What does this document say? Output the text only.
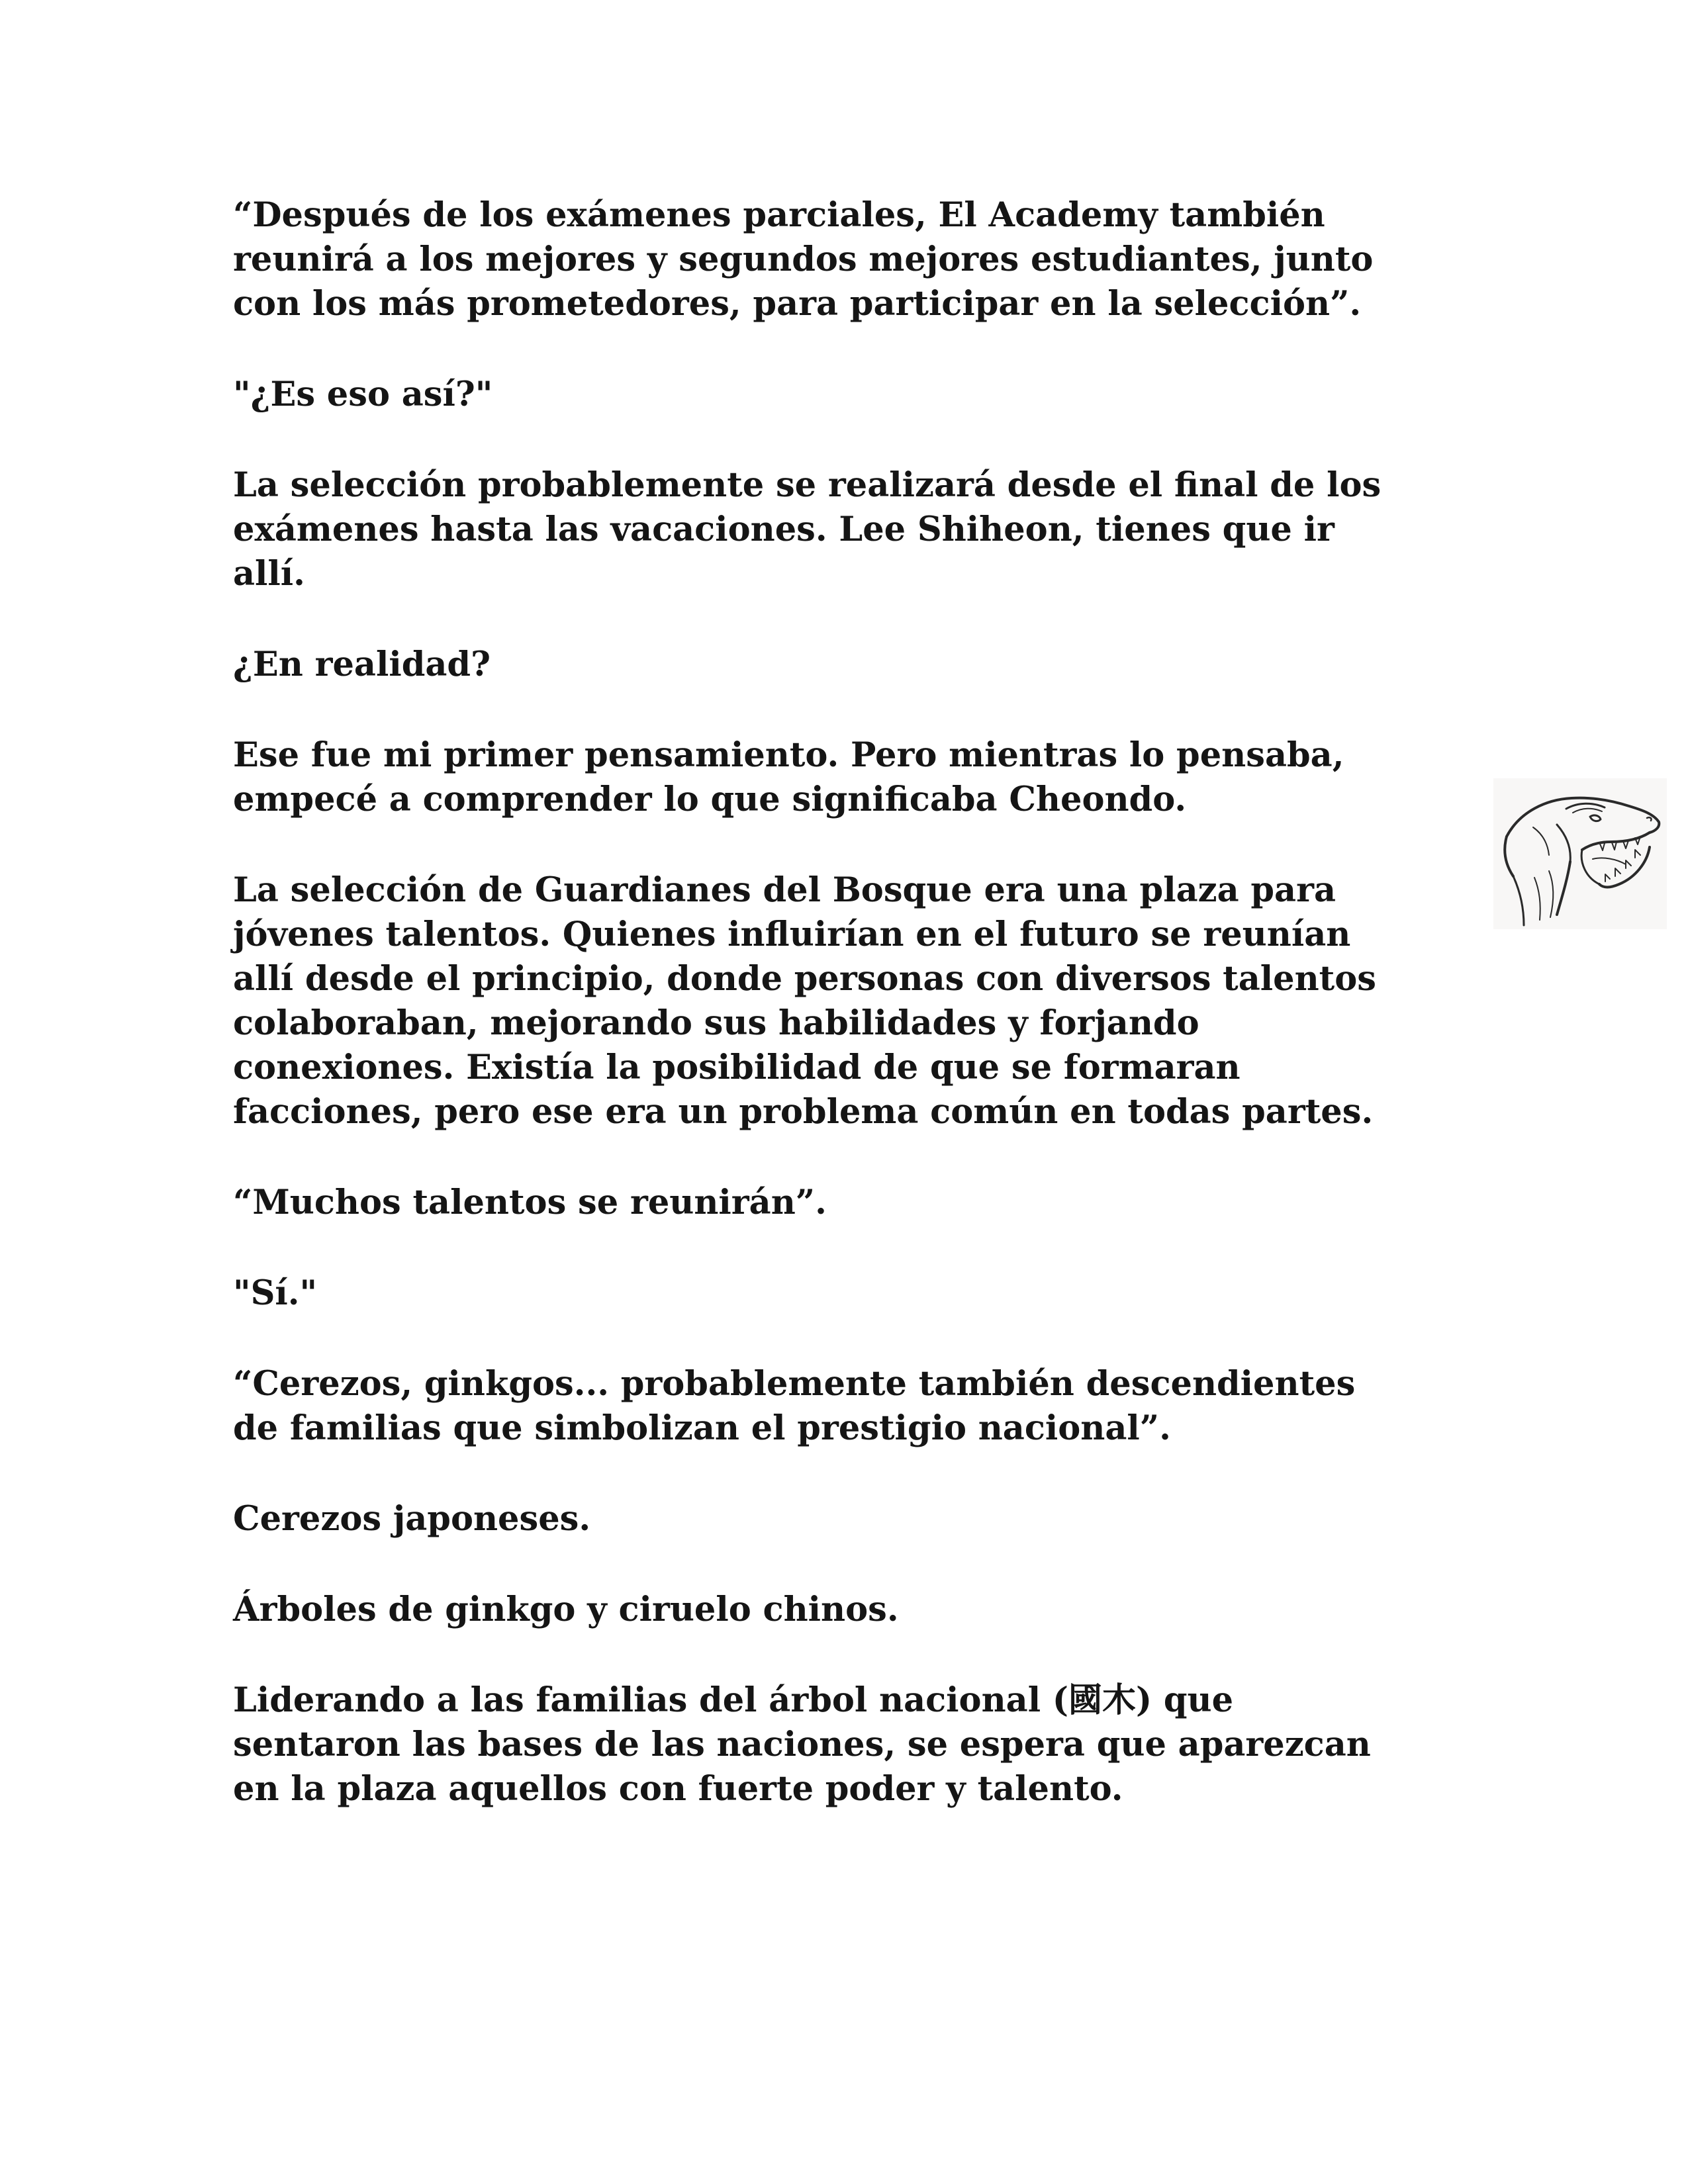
“Después de los exámenes parciales, El Academy también
reunirá a los mejores y segundos mejores estudiantes, junto
con los más prometedores, para participar en la selección”.

"¿Es eso así?"

La selección probablemente se realizará desde el final de los
exámenes hasta las vacaciones. Lee Shiheon, tienes que ir
allí.

¿En realidad?

Ese fue mi primer pensamiento. Pero mientras lo pensaba,
empecé a comprender lo que significaba Cheondo.

La selección de Guardianes del Bosque era una plaza para
jóvenes talentos. Quienes influirían en el futuro se reunían
allí desde el principio, donde personas con diversos talentos
colaboraban, mejorando sus habilidades y forjando
conexiones. Existía la posibilidad de que se formaran
facciones, pero ese era un problema común en todas partes.

“Muchos talentos se reunirán”.

"Sí."

“Cerezos, ginkgos... probablemente también descendientes
de familias que simbolizan el prestigio nacional”.

Cerezos japoneses.

Árboles de ginkgo y ciruelo chinos.

Liderando a las familias del árbol nacional (國木) que
sentaron las bases de las naciones, se espera que aparezcan
en la plaza aquellos con fuerte poder y talento.
